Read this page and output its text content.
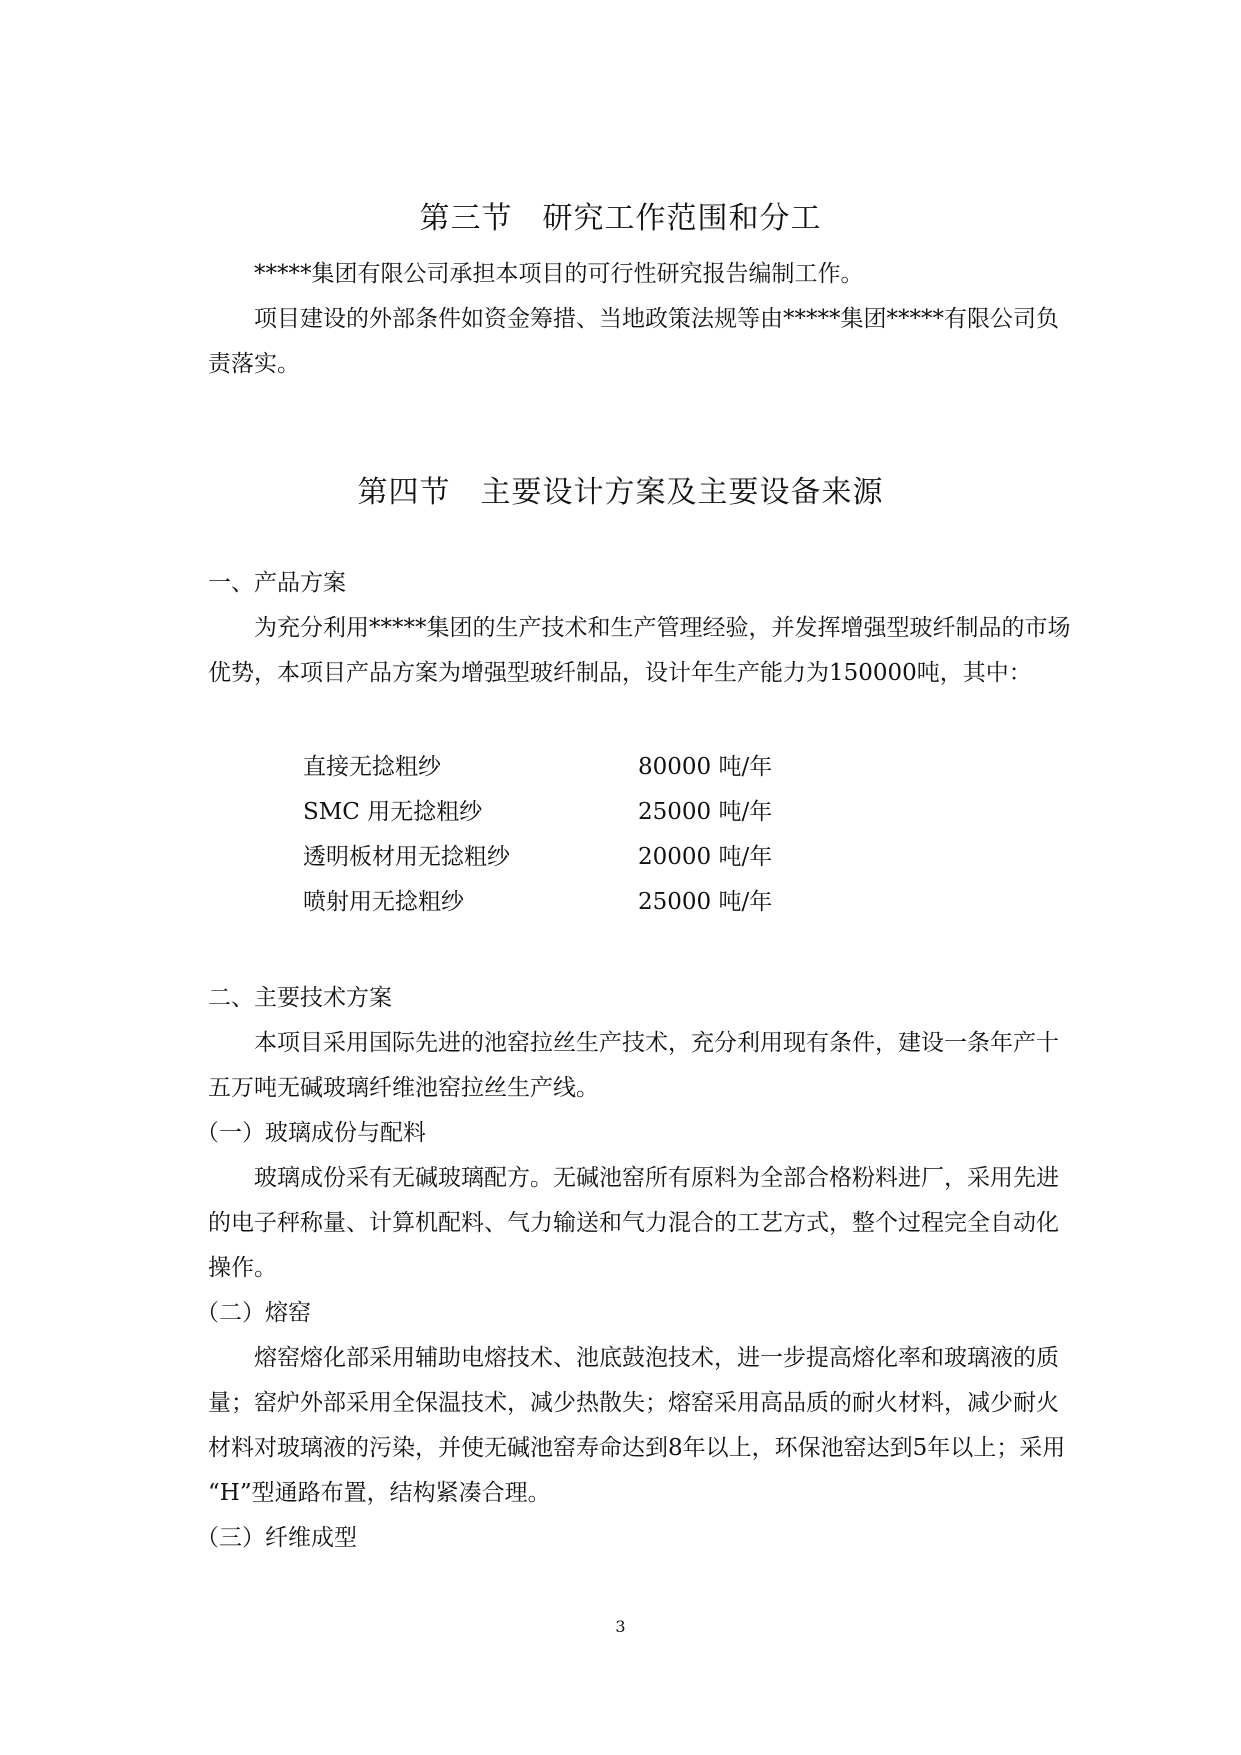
第三节 研究工作范围和分工
*****集团有限公司承担本项目的可行性研究报告编制工作。
项目建设的外部条件如资金筹措、当地政策法规等由*****集团*****有限公司负责落实。
第四节 主要设计方案及主要设备来源
一、产品方案
为充分利用*****集团的生产技术和生产管理经验，并发挥增强型玻纤制品的市场优势，本项目产品方案为增强型玻纤制品，设计年生产能力为150000吨，其中：
直接无捻粗纱	80000 吨/年
SMC 用无捻粗纱	25000 吨/年
透明板材用无捻粗纱	20000 吨/年
喷射用无捻粗纱	25000 吨/年
二、主要技术方案
本项目采用国际先进的池窑拉丝生产技术，充分利用现有条件，建设一条年产十五万吨无碱玻璃纤维池窑拉丝生产线。
（一）玻璃成份与配料
玻璃成份采有无碱玻璃配方。无碱池窑所有原料为全部合格粉料进厂，采用先进的电子秤称量、计算机配料、气力输送和气力混合的工艺方式，整个过程完全自动化操作。
（二）熔窑
熔窑熔化部采用辅助电熔技术、池底鼓泡技术，进一步提高熔化率和玻璃液的质量；窑炉外部采用全保温技术，减少热散失；熔窑采用高品质的耐火材料，减少耐火材料对玻璃液的污染，并使无碱池窑寿命达到8年以上，环保池窑达到5年以上；采用 “H”型通路布置，结构紧凑合理。
（三）纤维成型
3
